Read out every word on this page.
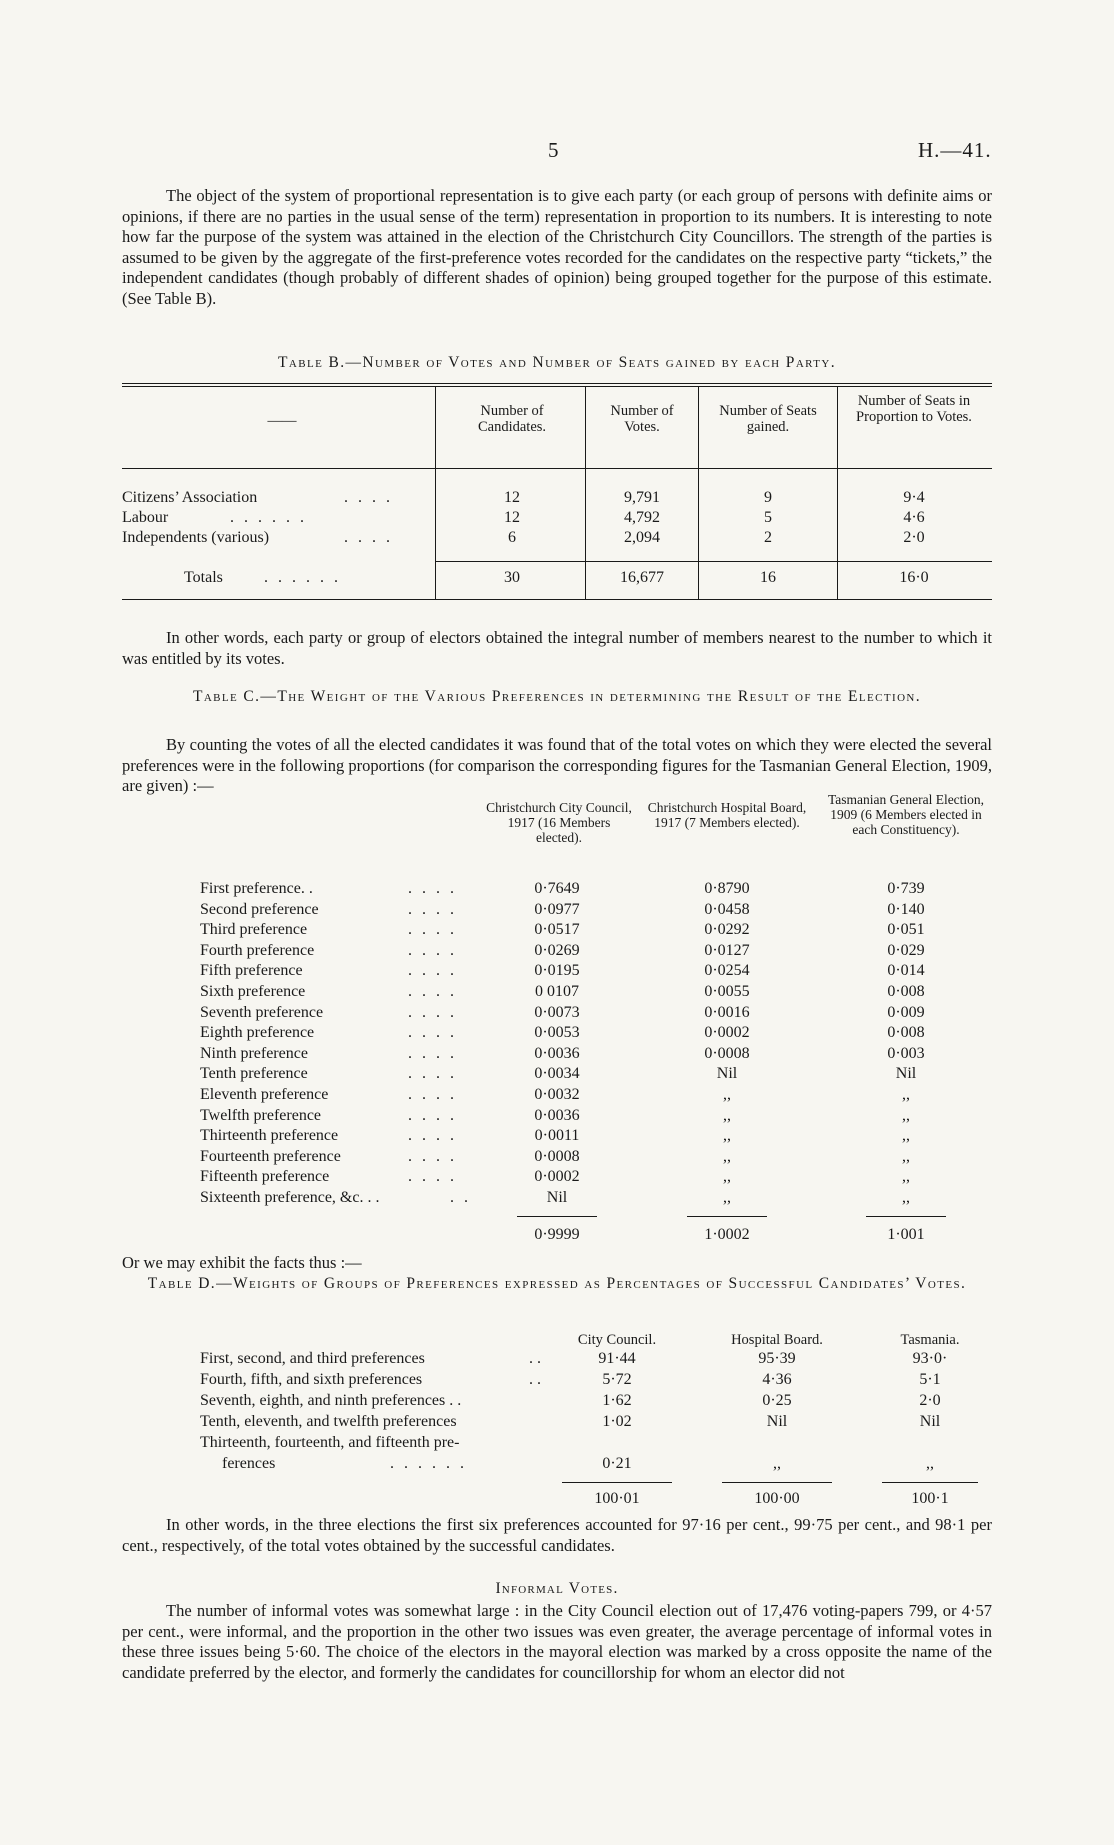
5	H.—41.
The object of the system of proportional representation is to give each party (or each group of persons with definite aims or opinions, if there are no parties in the usual sense of the term) representation in proportion to its numbers. It is interesting to note how far the purpose of the system was attained in the election of the Christchurch City Councillors. The strength of the parties is assumed to be given by the aggregate of the first-preference votes recorded for the candidates on the respective party “tickets,” the independent candidates (though probably of different shades of opinion) being grouped together for the purpose of this estimate. (See Table B).
Table B.—Number of Votes and Number of Seats gained by each Party.
——
Number of Candidates.
Number of Votes.
Number of Seats gained.
Number of Seats in Proportion to Votes.
Citizens’ Association	. . . .	12	9,791	9	9·4
Labour	. . . . . .	12	4,792	5	4·6
Independents (various)	. . . .	6	2,094	2	2·0
Totals	. . . . . .	30	16,677	16	16·0
In other words, each party or group of electors obtained the integral number of members nearest to the number to which it was entitled by its votes.
Table C.—The Weight of the Various Preferences in determining the Result of the Election.
By counting the votes of all the elected candidates it was found that of the total votes on which they were elected the several preferences were in the following proportions (for comparison the corresponding figures for the Tasmanian General Election, 1909, are given) :—
Christchurch City Council, 1917 (16 Members elected).
Christchurch Hospital Board, 1917 (7 Members elected).
Tasmanian General Election, 1909 (6 Members elected in each Constituency).
First preference. .	. . . .	0·7649	0·8790	0·739
Second preference	. . . .	0·0977	0·0458	0·140
Third preference	. . . .	0·0517	0·0292	0·051
Fourth preference	. . . .	0·0269	0·0127	0·029
Fifth preference	. . . .	0·0195	0·0254	0·014
Sixth preference	. . . .	0 0107	0·0055	0·008
Seventh preference	. . . .	0·0073	0·0016	0·009
Eighth preference	. . . .	0·0053	0·0002	0·008
Ninth preference	. . . .	0·0036	0·0008	0·003
Tenth preference	. . . .	0·0034	Nil	Nil
Eleventh preference	. . . .	0·0032	,,	,,
Twelfth preference	. . . .	0·0036	,,	,,
Thirteenth preference	. . . .	0·0011	,,	,,
Fourteenth preference	. . . .	0·0008	,,	,,
Fifteenth preference	. . . .	0·0002	,,	,,
Sixteenth preference, &c. . .	. .	Nil	,,	,,
0·9999	1·0002	1·001
Or we may exhibit the facts thus :—
Table D.—Weights of Groups of Preferences expressed as Percentages of Successful Candidates’ Votes.
City Council.	Hospital Board.	Tasmania.
First, second, and third preferences	. .	91·44	95·39	93·0·
Fourth, fifth, and sixth preferences	. .	5·72	4·36	5·1
Seventh, eighth, and ninth preferences . .	1·62	0·25	2·0
Tenth, eleventh, and twelfth preferences	1·02	Nil	Nil
Thirteenth, fourteenth, and fifteenth pre-
ferences	. . . . . .	0·21	,,	,,
100·01	100·00	100·1
In other words, in the three elections the first six preferences accounted for 97·16 per cent., 99·75 per cent., and 98·1 per cent., respectively, of the total votes obtained by the successful candidates.
Informal Votes.
The number of informal votes was somewhat large : in the City Council election out of 17,476 voting-papers 799, or 4·57 per cent., were informal, and the proportion in the other two issues was even greater, the average percentage of informal votes in these three issues being 5·60. The choice of the electors in the mayoral election was marked by a cross opposite the name of the candidate preferred by the elector, and formerly the candidates for councillorship for whom an elector did not
